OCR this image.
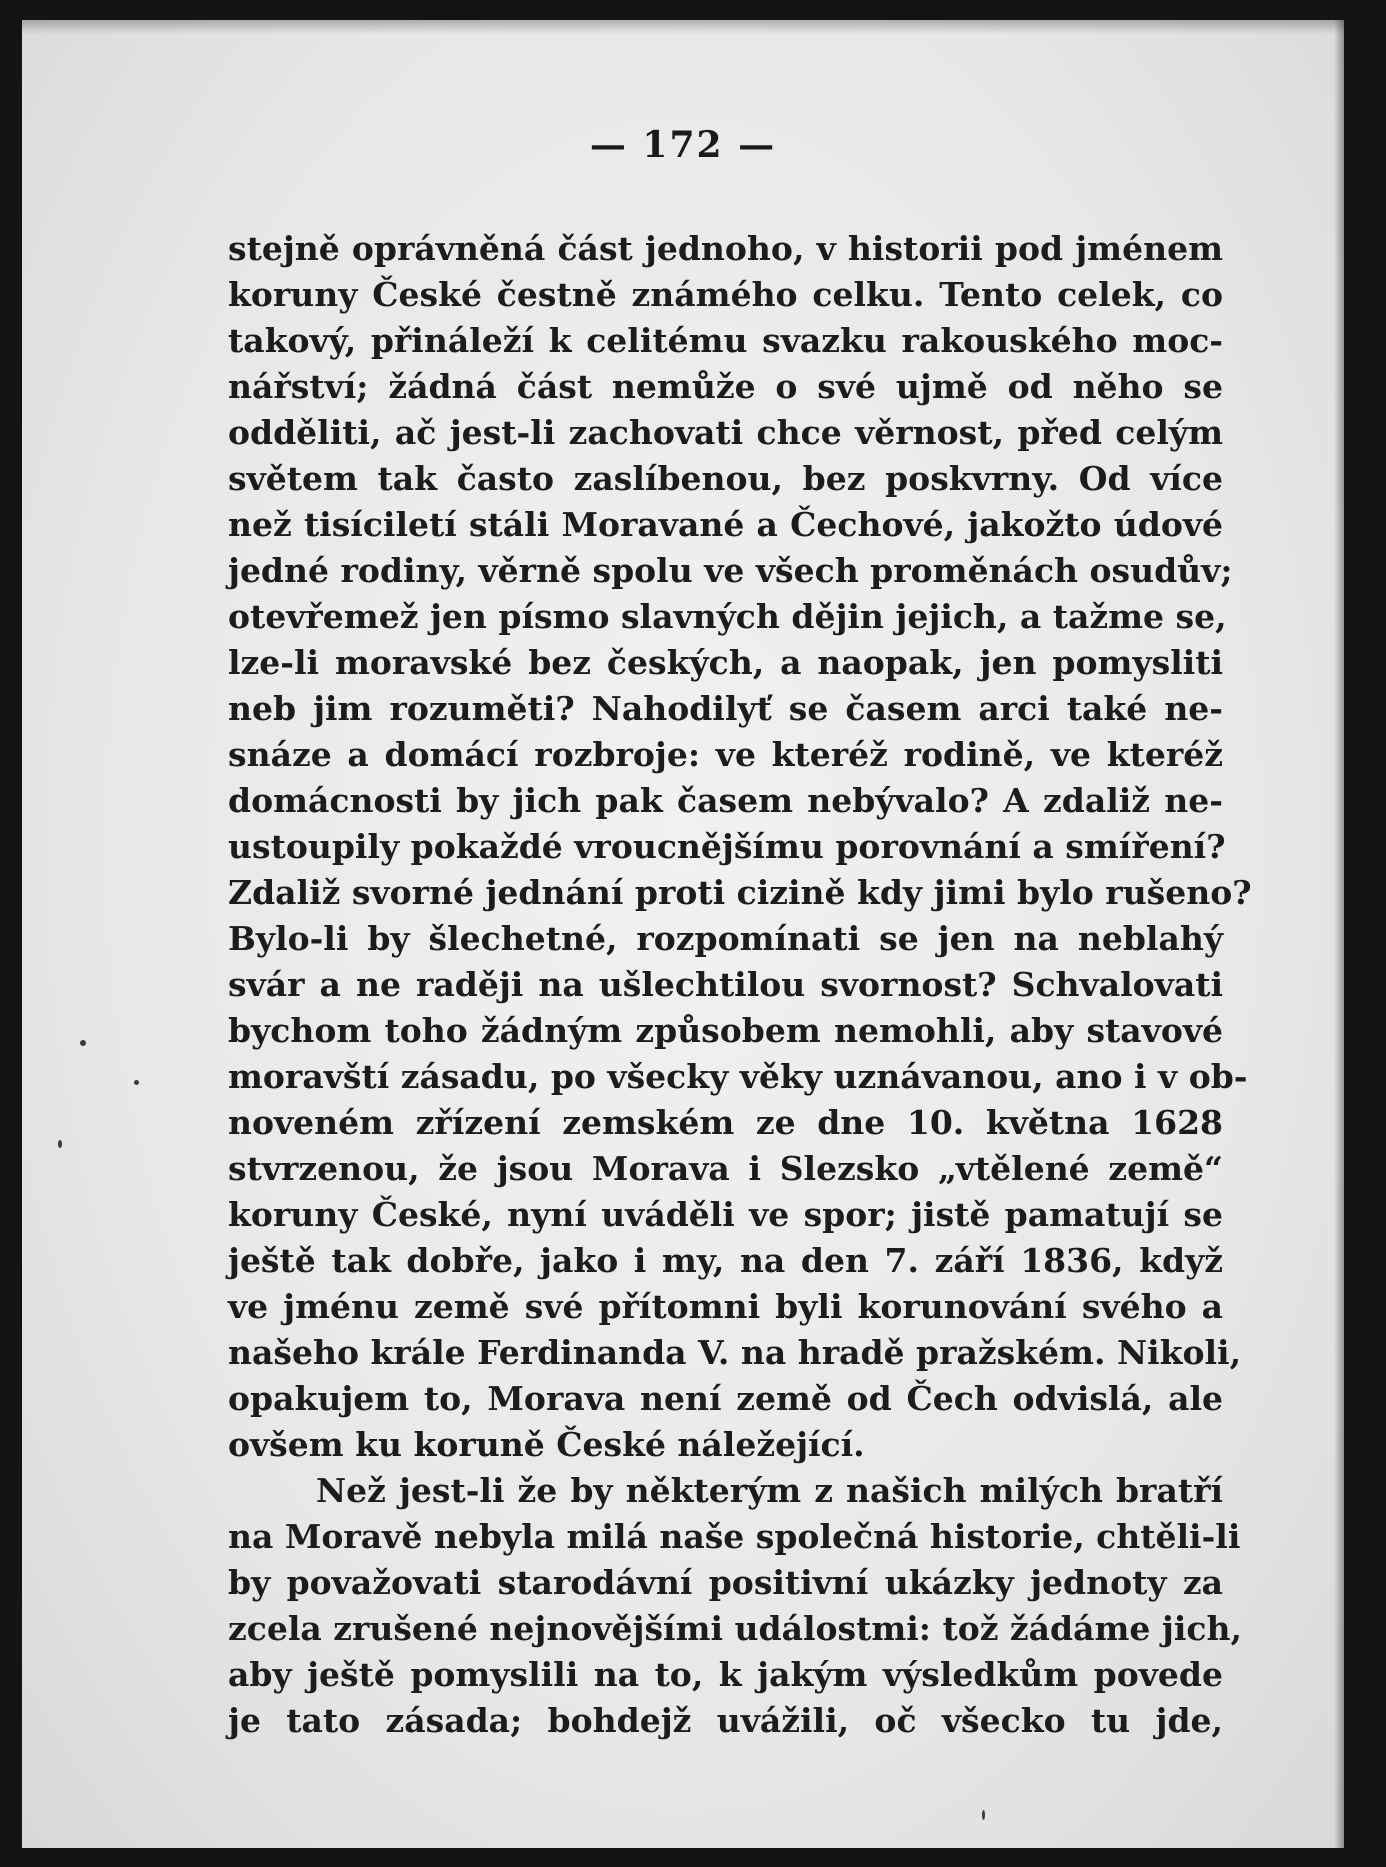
— 172 —
stejně oprávněná část jednoho, v historii pod jménem
koruny České čestně známého celku. Tento celek, co
takový, přináleží k celitému svazku rakouského moc-
nářství; žádná část nemůže o své ujmě od něho se
odděliti, ač jest-li zachovati chce věrnost, před celým
světem tak často zaslíbenou, bez poskvrny. Od více
než tisíciletí stáli Moravané a Čechové, jakožto údové
jedné rodiny, věrně spolu ve všech proměnách osudův;
otevřemež jen písmo slavných dějin jejich, a tažme se,
lze-li moravské bez českých, a naopak, jen pomysliti
neb jim rozuměti? Nahodilyť se časem arci také ne-
snáze a domácí rozbroje: ve kteréž rodině, ve kteréž
domácnosti by jich pak časem nebývalo? A zdaliž ne-
ustoupily pokaždé vroucnějšímu porovnání a smíření?
Zdaliž svorné jednání proti cizině kdy jimi bylo rušeno?
Bylo-li by šlechetné, rozpomínati se jen na neblahý
svár a ne raději na ušlechtilou svornost? Schvalovati
bychom toho žádným způsobem nemohli, aby stavové
moravští zásadu, po všecky věky uznávanou, ano i v ob-
noveném zřízení zemském ze dne 10. května 1628
stvrzenou, že jsou Morava i Slezsko „vtělené země“
koruny České, nyní uváděli ve spor; jistě pamatují se
ještě tak dobře, jako i my, na den 7. září 1836, když
ve jménu země své přítomni byli korunování svého a
našeho krále Ferdinanda V. na hradě pražském. Nikoli,
opakujem to, Morava není země od Čech odvislá, ale
ovšem ku koruně České náležející.
Než jest-li že by některým z našich milých bratří
na Moravě nebyla milá naše společná historie, chtěli-li
by považovati starodávní positivní ukázky jednoty za
zcela zrušené nejnovějšími událostmi: tož žádáme jich,
aby ještě pomyslili na to, k jakým výsledkům povede
je tato zásada; bohdejž uvážili, oč všecko tu jde,
